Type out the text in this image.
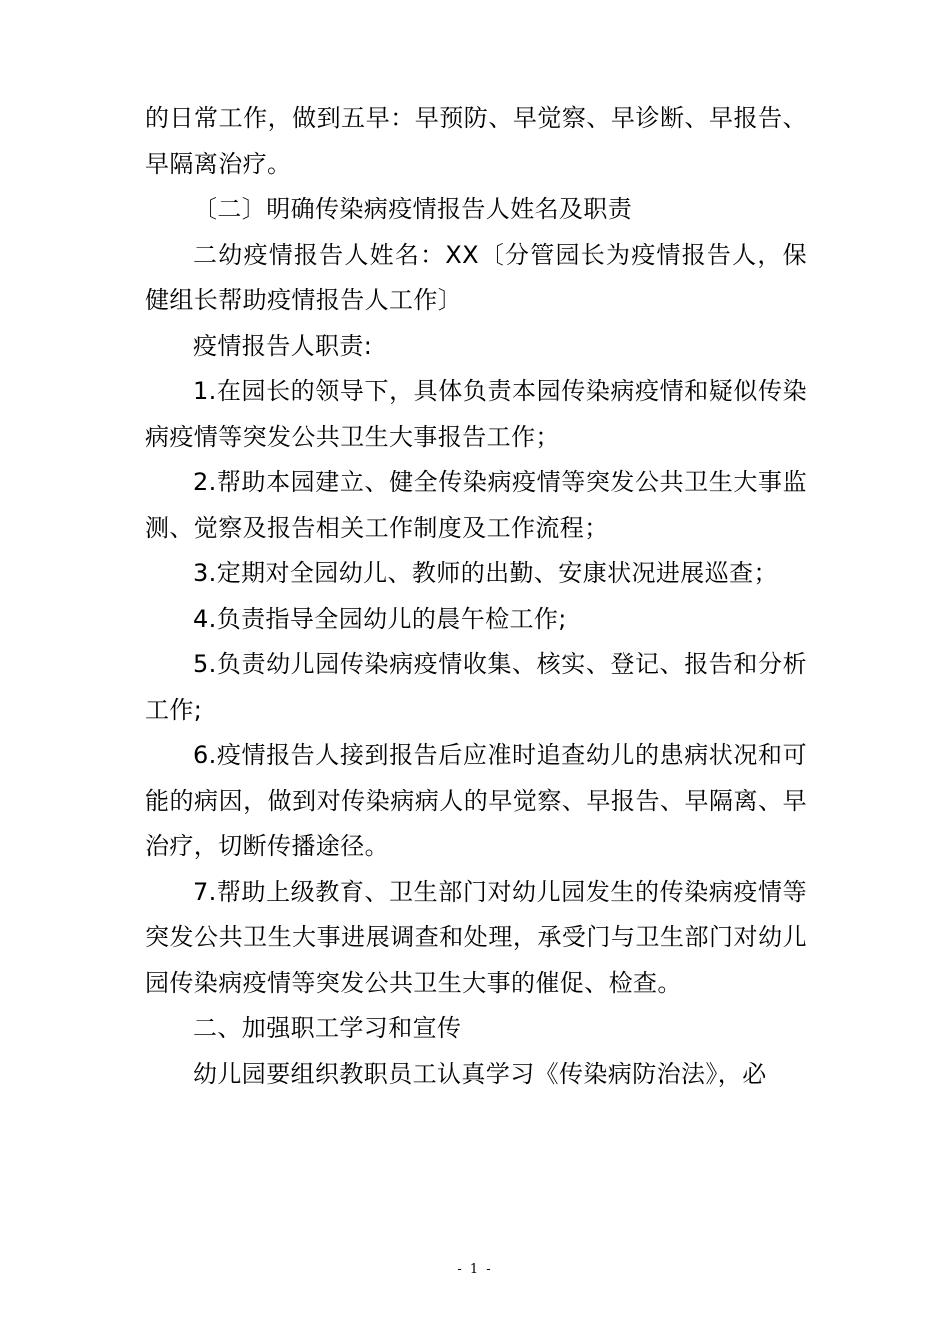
的日常工作，做到五早：早预防、早觉察、早诊断、早报告、 早隔离治疗。

〔二〕明确传染病疫情报告人姓名及职责

二幼疫情报告人姓名：XX〔分管园长为疫情报告人，保健组长帮助疫情报告人工作〕

疫情报告人职责:

1.在园长的领导下，具体负责本园传染病疫情和疑似传染病疫情等突发公共卫生大事报告工作；

2.帮助本园建立、健全传染病疫情等突发公共卫生大事监测、觉察及报告相关工作制度及工作流程；

3.定期对全园幼儿、教师的出勤、安康状况进展巡查；

4.负责指导全园幼儿的晨午检工作;

5.负责幼儿园传染病疫情收集、核实、登记、报告和分析工作;

6.疫情报告人接到报告后应准时追查幼儿的患病状况和可能的病因，做到对传染病病人的早觉察、早报告、早隔离、早治疗，切断传播途径。

7.帮助上级教育、卫生部门对幼儿园发生的传染病疫情等突发公共卫生大事进展调查和处理，承受门与卫生部门对幼儿园传染病疫情等突发公共卫生大事的催促、检查。

二、加强职工学习和宣传

幼儿园要组织教职员工认真学习《传染病防治法》，必

- 1 -
